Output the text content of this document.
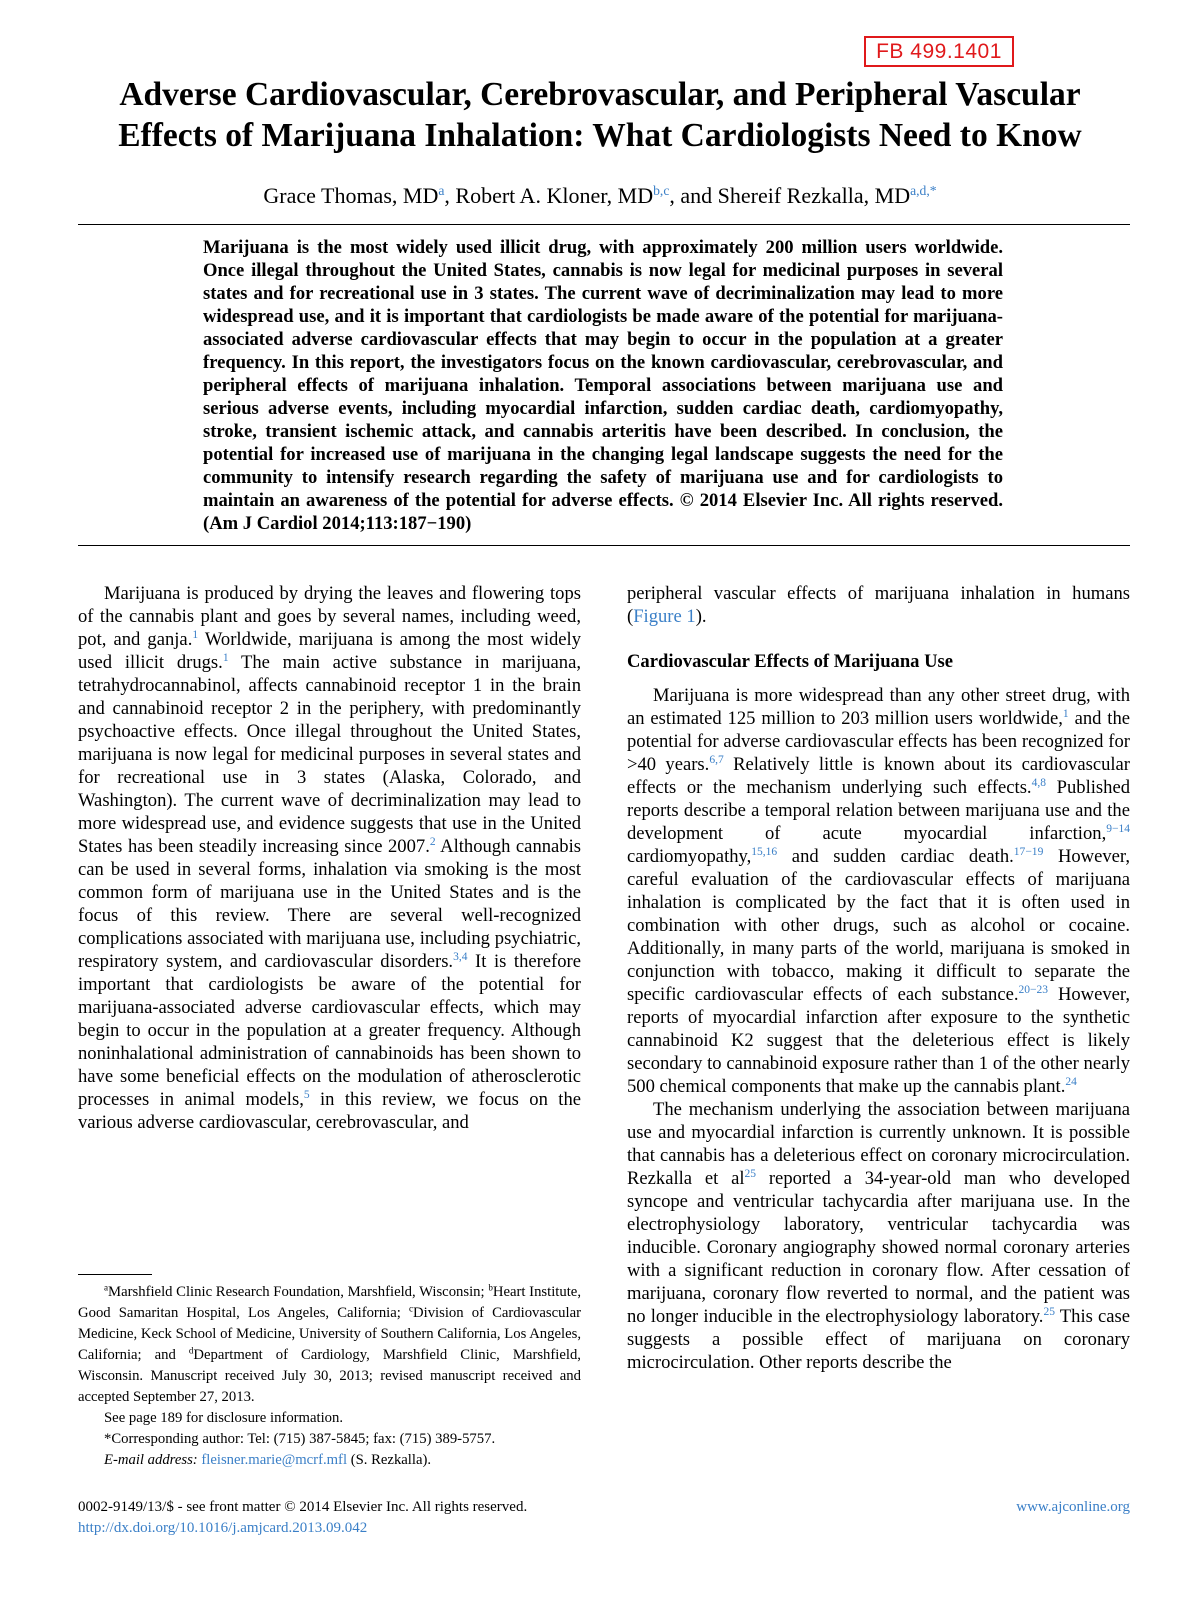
FB 499.1401
Adverse Cardiovascular, Cerebrovascular, and Peripheral Vascular
Effects of Marijuana Inhalation: What Cardiologists Need to Know
Grace Thomas, $MD^a$, Robert A. Kloner, MD$^{b,c}$, and Shereif Rezkalla, $MD^{a,d,*}$

Marijuana is the most widely used illicit drug, with approximately 200 million users worldwide. Once illegal throughout the United States, cannabis is now legal for medicinal purposes in several states and for recreational use in 3 states. The current wave of decriminalization may lead to more widespread use, and it is important that cardiologists be made aware of the potential for marijuana-associated adverse cardiovascular effects that may begin to occur in the population at a greater frequency. In this report, the investigators focus on the known cardiovascular, cerebrovascular, and peripheral effects of marijuana inhalation. Temporal associations between marijuana use and serious adverse events, including myocardial infarction, sudden cardiac death, cardiomyopathy, stroke, transient ischemic attack, and cannabis arteritis have been described. In conclusion, the potential for increased use of marijuana in the changing legal landscape suggests the need for the community to intensify research regarding the safety of marijuana use and for cardiologists to maintain an awareness of the potential for adverse effects. © 2014 Elsevier Inc. All rights reserved. (Am J Cardiol 2014;113:187−190)

Marijuana is produced by drying the leaves and flowering tops of the cannabis plant and goes by several names, including weed, pot, and ganja.$^1$ Worldwide, marijuana is among the most widely used illicit drugs.$^1$ The main active substance in marijuana, tetrahydrocannabinol, affects cannabinoid receptor 1 in the brain and cannabinoid receptor 2 in the periphery, with predominantly psychoactive effects. Once illegal throughout the United States, marijuana is now legal for medicinal purposes in several states and for recreational use in 3 states (Alaska, Colorado, and Washington). The current wave of decriminalization may lead to more widespread use, and evidence suggests that use in the United States has been steadily increasing since 2007.$^2$ Although cannabis can be used in several forms, inhalation via smoking is the most common form of marijuana use in the United States and is the focus of this review. There are several well-recognized complications associated with marijuana use, including psychiatric, respiratory system, and cardiovascular disorders.$^{3,4}$ It is therefore important that cardiologists be aware of the potential for marijuana-associated adverse cardiovascular effects, which may begin to occur in the population at a greater frequency. Although noninhalational administration of cannabinoids has been shown to have some beneficial effects on the modulation of atherosclerotic processes in animal models,$^5$ in this review, we focus on the various adverse cardiovascular, cerebrovascular, and

peripheral vascular effects of marijuana inhalation in humans (Figure 1).

Cardiovascular Effects of Marijuana Use

Marijuana is more widespread than any other street drug, with an estimated 125 million to 203 million users worldwide,$^1$ and the potential for adverse cardiovascular effects has been recognized for >40 years.$^{6,7}$ Relatively little is known about its cardiovascular effects or the mechanism underlying such effects.$^{4,8}$ Published reports describe a temporal relation between marijuana use and the development of acute myocardial infarction,$^{9-14}$ cardiomyopathy,$^{15,16}$ and sudden cardiac death.$^{17-19}$ However, careful evaluation of the cardiovascular effects of marijuana inhalation is complicated by the fact that it is often used in combination with other drugs, such as alcohol or cocaine. Additionally, in many parts of the world, marijuana is smoked in conjunction with tobacco, making it difficult to separate the specific cardiovascular effects of each substance.$^{20-23}$ However, reports of myocardial infarction after exposure to the synthetic cannabinoid K2 suggest that the deleterious effect is likely secondary to cannabinoid exposure rather than 1 of the other nearly 500 chemical components that make up the cannabis plant.$^{24}$

The mechanism underlying the association between marijuana use and myocardial infarction is currently unknown. It is possible that cannabis has a deleterious effect on coronary microcirculation. Rezkalla et $al^{25}$ reported a 34-year-old man who developed syncope and ventricular tachycardia after marijuana use. In the electrophysiology laboratory, ventricular tachycardia was inducible. Coronary angiography showed normal coronary arteries with a significant reduction in coronary flow. After cessation of marijuana, coronary flow reverted to normal, and the patient was no longer inducible in the electrophysiology laboratory.$^{25}$ This case suggests a possible effect of marijuana on coronary microcirculation. Other reports describe the

$^a$Marshfield Clinic Research Foundation, Marshfield, Wisconsin; $^b$Heart Institute, Good Samaritan Hospital, Los Angeles, California; $^c$Division of Cardiovascular Medicine, Keck School of Medicine, University of Southern California, Los Angeles, California; and $^d$Department of Cardiology, Marshfield Clinic, Marshfield, Wisconsin. Manuscript received July 30, 2013; revised manuscript received and accepted September 27, 2013.

See page 189 for disclosure information.

*Corresponding author: Tel: (715) 387-5845; fax: (715) 389-5757.

E-mail address: fleisner.marie@mcrf.mfl (S. Rezkalla).

0002-9149/13/$ - see front matter © 2014 Elsevier Inc. All rights reserved.
http://dx.doi.org/10.1016/j.amjcard.2013.09.042
www.ajconline.org
